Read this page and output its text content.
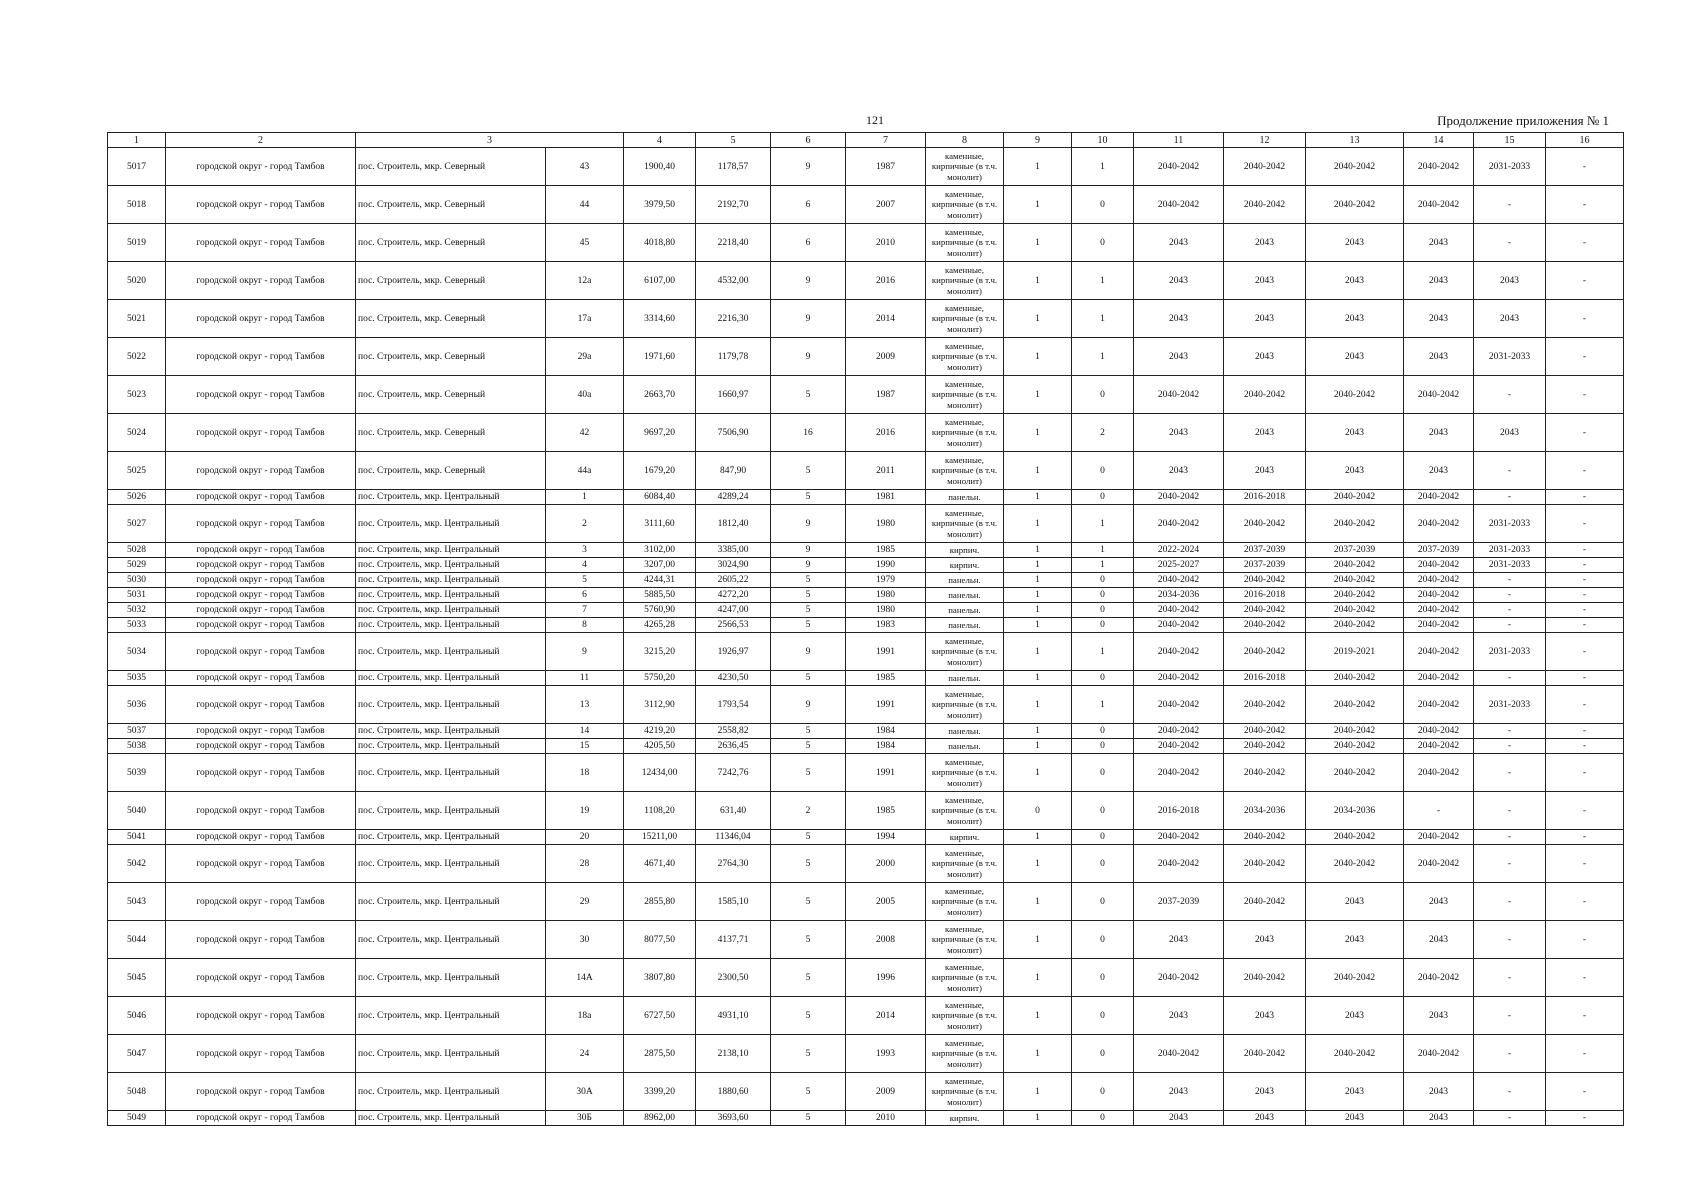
121	Продолжение приложения № 1
1	2	3		4	5	6	7	8	9	10	11	12	13	14	15	16
5017	городской округ - город Тамбов	пос. Строитель, мкр. Северный	43	1900,40	1178,57	9	1987	каменные, кирпичные (в т.ч. монолит)	1	1	2040-2042	2040-2042	2040-2042	2040-2042	2031-2033	-
5018	городской округ - город Тамбов	пос. Строитель, мкр. Северный	44	3979,50	2192,70	6	2007	каменные, кирпичные (в т.ч. монолит)	1	0	2040-2042	2040-2042	2040-2042	2040-2042	-	-
5019	городской округ - город Тамбов	пос. Строитель, мкр. Северный	45	4018,80	2218,40	6	2010	каменные, кирпичные (в т.ч. монолит)	1	0	2043	2043	2043	2043	-	-
5020	городской округ - город Тамбов	пос. Строитель, мкр. Северный	12а	6107,00	4532,00	9	2016	каменные, кирпичные (в т.ч. монолит)	1	1	2043	2043	2043	2043	2043	-
5021	городской округ - город Тамбов	пос. Строитель, мкр. Северный	17а	3314,60	2216,30	9	2014	каменные, кирпичные (в т.ч. монолит)	1	1	2043	2043	2043	2043	2043	-
5022	городской округ - город Тамбов	пос. Строитель, мкр. Северный	29а	1971,60	1179,78	9	2009	каменные, кирпичные (в т.ч. монолит)	1	1	2043	2043	2043	2043	2031-2033	-
5023	городской округ - город Тамбов	пос. Строитель, мкр. Северный	40а	2663,70	1660,97	5	1987	каменные, кирпичные (в т.ч. монолит)	1	0	2040-2042	2040-2042	2040-2042	2040-2042	-	-
5024	городской округ - город Тамбов	пос. Строитель, мкр. Северный	42	9697,20	7506,90	16	2016	каменные, кирпичные (в т.ч. монолит)	1	2	2043	2043	2043	2043	2043	-
5025	городской округ - город Тамбов	пос. Строитель, мкр. Северный	44а	1679,20	847,90	5	2011	каменные, кирпичные (в т.ч. монолит)	1	0	2043	2043	2043	2043	-	-
5026	городской округ - город Тамбов	пос. Строитель, мкр. Центральный	1	6084,40	4289,24	5	1981	панельн.	1	0	2040-2042	2016-2018	2040-2042	2040-2042	-	-
5027	городской округ - город Тамбов	пос. Строитель, мкр. Центральный	2	3111,60	1812,40	9	1980	каменные, кирпичные (в т.ч. монолит)	1	1	2040-2042	2040-2042	2040-2042	2040-2042	2031-2033	-
5028	городской округ - город Тамбов	пос. Строитель, мкр. Центральный	3	3102,00	3385,00	9	1985	кирпич.	1	1	2022-2024	2037-2039	2037-2039	2037-2039	2031-2033	-
5029	городской округ - город Тамбов	пос. Строитель, мкр. Центральный	4	3207,00	3024,90	9	1990	кирпич.	1	1	2025-2027	2037-2039	2040-2042	2040-2042	2031-2033	-
5030	городской округ - город Тамбов	пос. Строитель, мкр. Центральный	5	4244,31	2605,22	5	1979	панельн.	1	0	2040-2042	2040-2042	2040-2042	2040-2042	-	-
5031	городской округ - город Тамбов	пос. Строитель, мкр. Центральный	6	5885,50	4272,20	5	1980	панельн.	1	0	2034-2036	2016-2018	2040-2042	2040-2042	-	-
5032	городской округ - город Тамбов	пос. Строитель, мкр. Центральный	7	5760,90	4247,00	5	1980	панельн.	1	0	2040-2042	2040-2042	2040-2042	2040-2042	-	-
5033	городской округ - город Тамбов	пос. Строитель, мкр. Центральный	8	4265,28	2566,53	5	1983	панельн.	1	0	2040-2042	2040-2042	2040-2042	2040-2042	-	-
5034	городской округ - город Тамбов	пос. Строитель, мкр. Центральный	9	3215,20	1926,97	9	1991	каменные, кирпичные (в т.ч. монолит)	1	1	2040-2042	2040-2042	2019-2021	2040-2042	2031-2033	-
5035	городской округ - город Тамбов	пос. Строитель, мкр. Центральный	11	5750,20	4230,50	5	1985	панельн.	1	0	2040-2042	2016-2018	2040-2042	2040-2042	-	-
5036	городской округ - город Тамбов	пос. Строитель, мкр. Центральный	13	3112,90	1793,54	9	1991	каменные, кирпичные (в т.ч. монолит)	1	1	2040-2042	2040-2042	2040-2042	2040-2042	2031-2033	-
5037	городской округ - город Тамбов	пос. Строитель, мкр. Центральный	14	4219,20	2558,82	5	1984	панельн.	1	0	2040-2042	2040-2042	2040-2042	2040-2042	-	-
5038	городской округ - город Тамбов	пос. Строитель, мкр. Центральный	15	4205,50	2636,45	5	1984	панельн.	1	0	2040-2042	2040-2042	2040-2042	2040-2042	-	-
5039	городской округ - город Тамбов	пос. Строитель, мкр. Центральный	18	12434,00	7242,76	5	1991	каменные, кирпичные (в т.ч. монолит)	1	0	2040-2042	2040-2042	2040-2042	2040-2042	-	-
5040	городской округ - город Тамбов	пос. Строитель, мкр. Центральный	19	1108,20	631,40	2	1985	каменные, кирпичные (в т.ч. монолит)	0	0	2016-2018	2034-2036	2034-2036	-	-	-
5041	городской округ - город Тамбов	пос. Строитель, мкр. Центральный	20	15211,00	11346,04	5	1994	кирпич.	1	0	2040-2042	2040-2042	2040-2042	2040-2042	-	-
5042	городской округ - город Тамбов	пос. Строитель, мкр. Центральный	28	4671,40	2764,30	5	2000	каменные, кирпичные (в т.ч. монолит)	1	0	2040-2042	2040-2042	2040-2042	2040-2042	-	-
5043	городской округ - город Тамбов	пос. Строитель, мкр. Центральный	29	2855,80	1585,10	5	2005	каменные, кирпичные (в т.ч. монолит)	1	0	2037-2039	2040-2042	2043	2043	-	-
5044	городской округ - город Тамбов	пос. Строитель, мкр. Центральный	30	8077,50	4137,71	5	2008	каменные, кирпичные (в т.ч. монолит)	1	0	2043	2043	2043	2043	-	-
5045	городской округ - город Тамбов	пос. Строитель, мкр. Центральный	14А	3807,80	2300,50	5	1996	каменные, кирпичные (в т.ч. монолит)	1	0	2040-2042	2040-2042	2040-2042	2040-2042	-	-
5046	городской округ - город Тамбов	пос. Строитель, мкр. Центральный	18а	6727,50	4931,10	5	2014	каменные, кирпичные (в т.ч. монолит)	1	0	2043	2043	2043	2043	-	-
5047	городской округ - город Тамбов	пос. Строитель, мкр. Центральный	24	2875,50	2138,10	5	1993	каменные, кирпичные (в т.ч. монолит)	1	0	2040-2042	2040-2042	2040-2042	2040-2042	-	-
5048	городской округ - город Тамбов	пос. Строитель, мкр. Центральный	30А	3399,20	1880,60	5	2009	каменные, кирпичные (в т.ч. монолит)	1	0	2043	2043	2043	2043	-	-
5049	городской округ - город Тамбов	пос. Строитель, мкр. Центральный	30Б	8962,00	3693,60	5	2010	кирпич.	1	0	2043	2043	2043	2043	-	-
